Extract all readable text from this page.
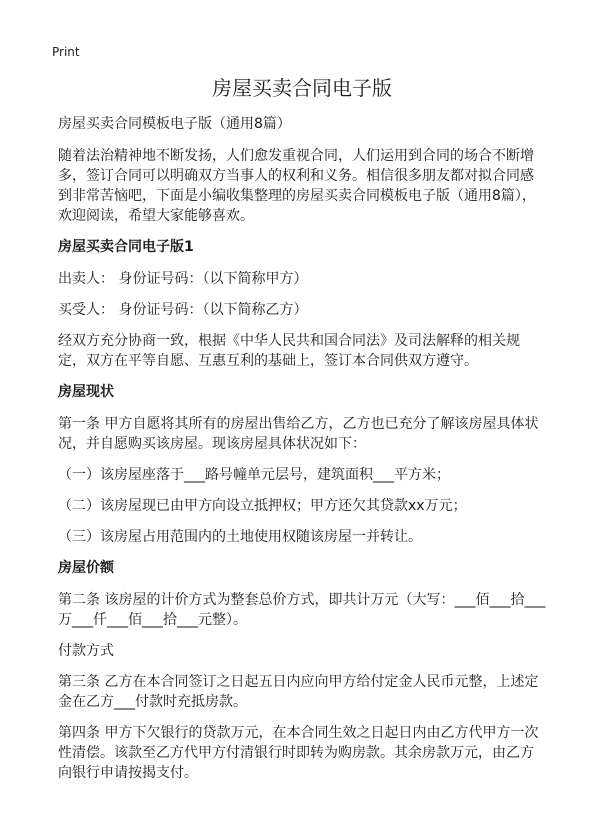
Print
房屋买卖合同电子版
房屋买卖合同模板电子版（通用8篇）
随着法治精神地不断发扬，人们愈发重视合同，人们运用到合同的场合不断增多，签订合同可以明确双方当事人的权利和义务。相信很多朋友都对拟合同感到非常苦恼吧，下面是小编收集整理的房屋买卖合同模板电子版（通用8篇），欢迎阅读，希望大家能够喜欢。
房屋买卖合同电子版1
出卖人： 身份证号码：（以下简称甲方）
买受人： 身份证号码：（以下简称乙方）
经双方充分协商一致，根据《中华人民共和国合同法》及司法解释的相关规定，双方在平等自愿、互惠互利的基础上，签订本合同供双方遵守。
房屋现状
第一条 甲方自愿将其所有的房屋出售给乙方，乙方也已充分了解该房屋具体状况，并自愿购买该房屋。现该房屋具体状况如下：
（一）该房屋座落于___路号幢单元层号，建筑面积___平方米；
（二）该房屋现已由甲方向设立抵押权；甲方还欠其贷款xx万元；
（三）该房屋占用范围内的土地使用权随该房屋一并转让。
房屋价额
第二条 该房屋的计价方式为整套总价方式，即共计万元（大写：___佰___拾___万___仟___佰___拾___元整）。
付款方式
第三条 乙方在本合同签订之日起五日内应向甲方给付定金人民币元整，上述定金在乙方___付款时充抵房款。
第四条 甲方下欠银行的贷款万元，在本合同生效之日起日内由乙方代甲方一次性清偿。该款至乙方代甲方付清银行时即转为购房款。其余房款万元，由乙方向银行申请按揭支付。
